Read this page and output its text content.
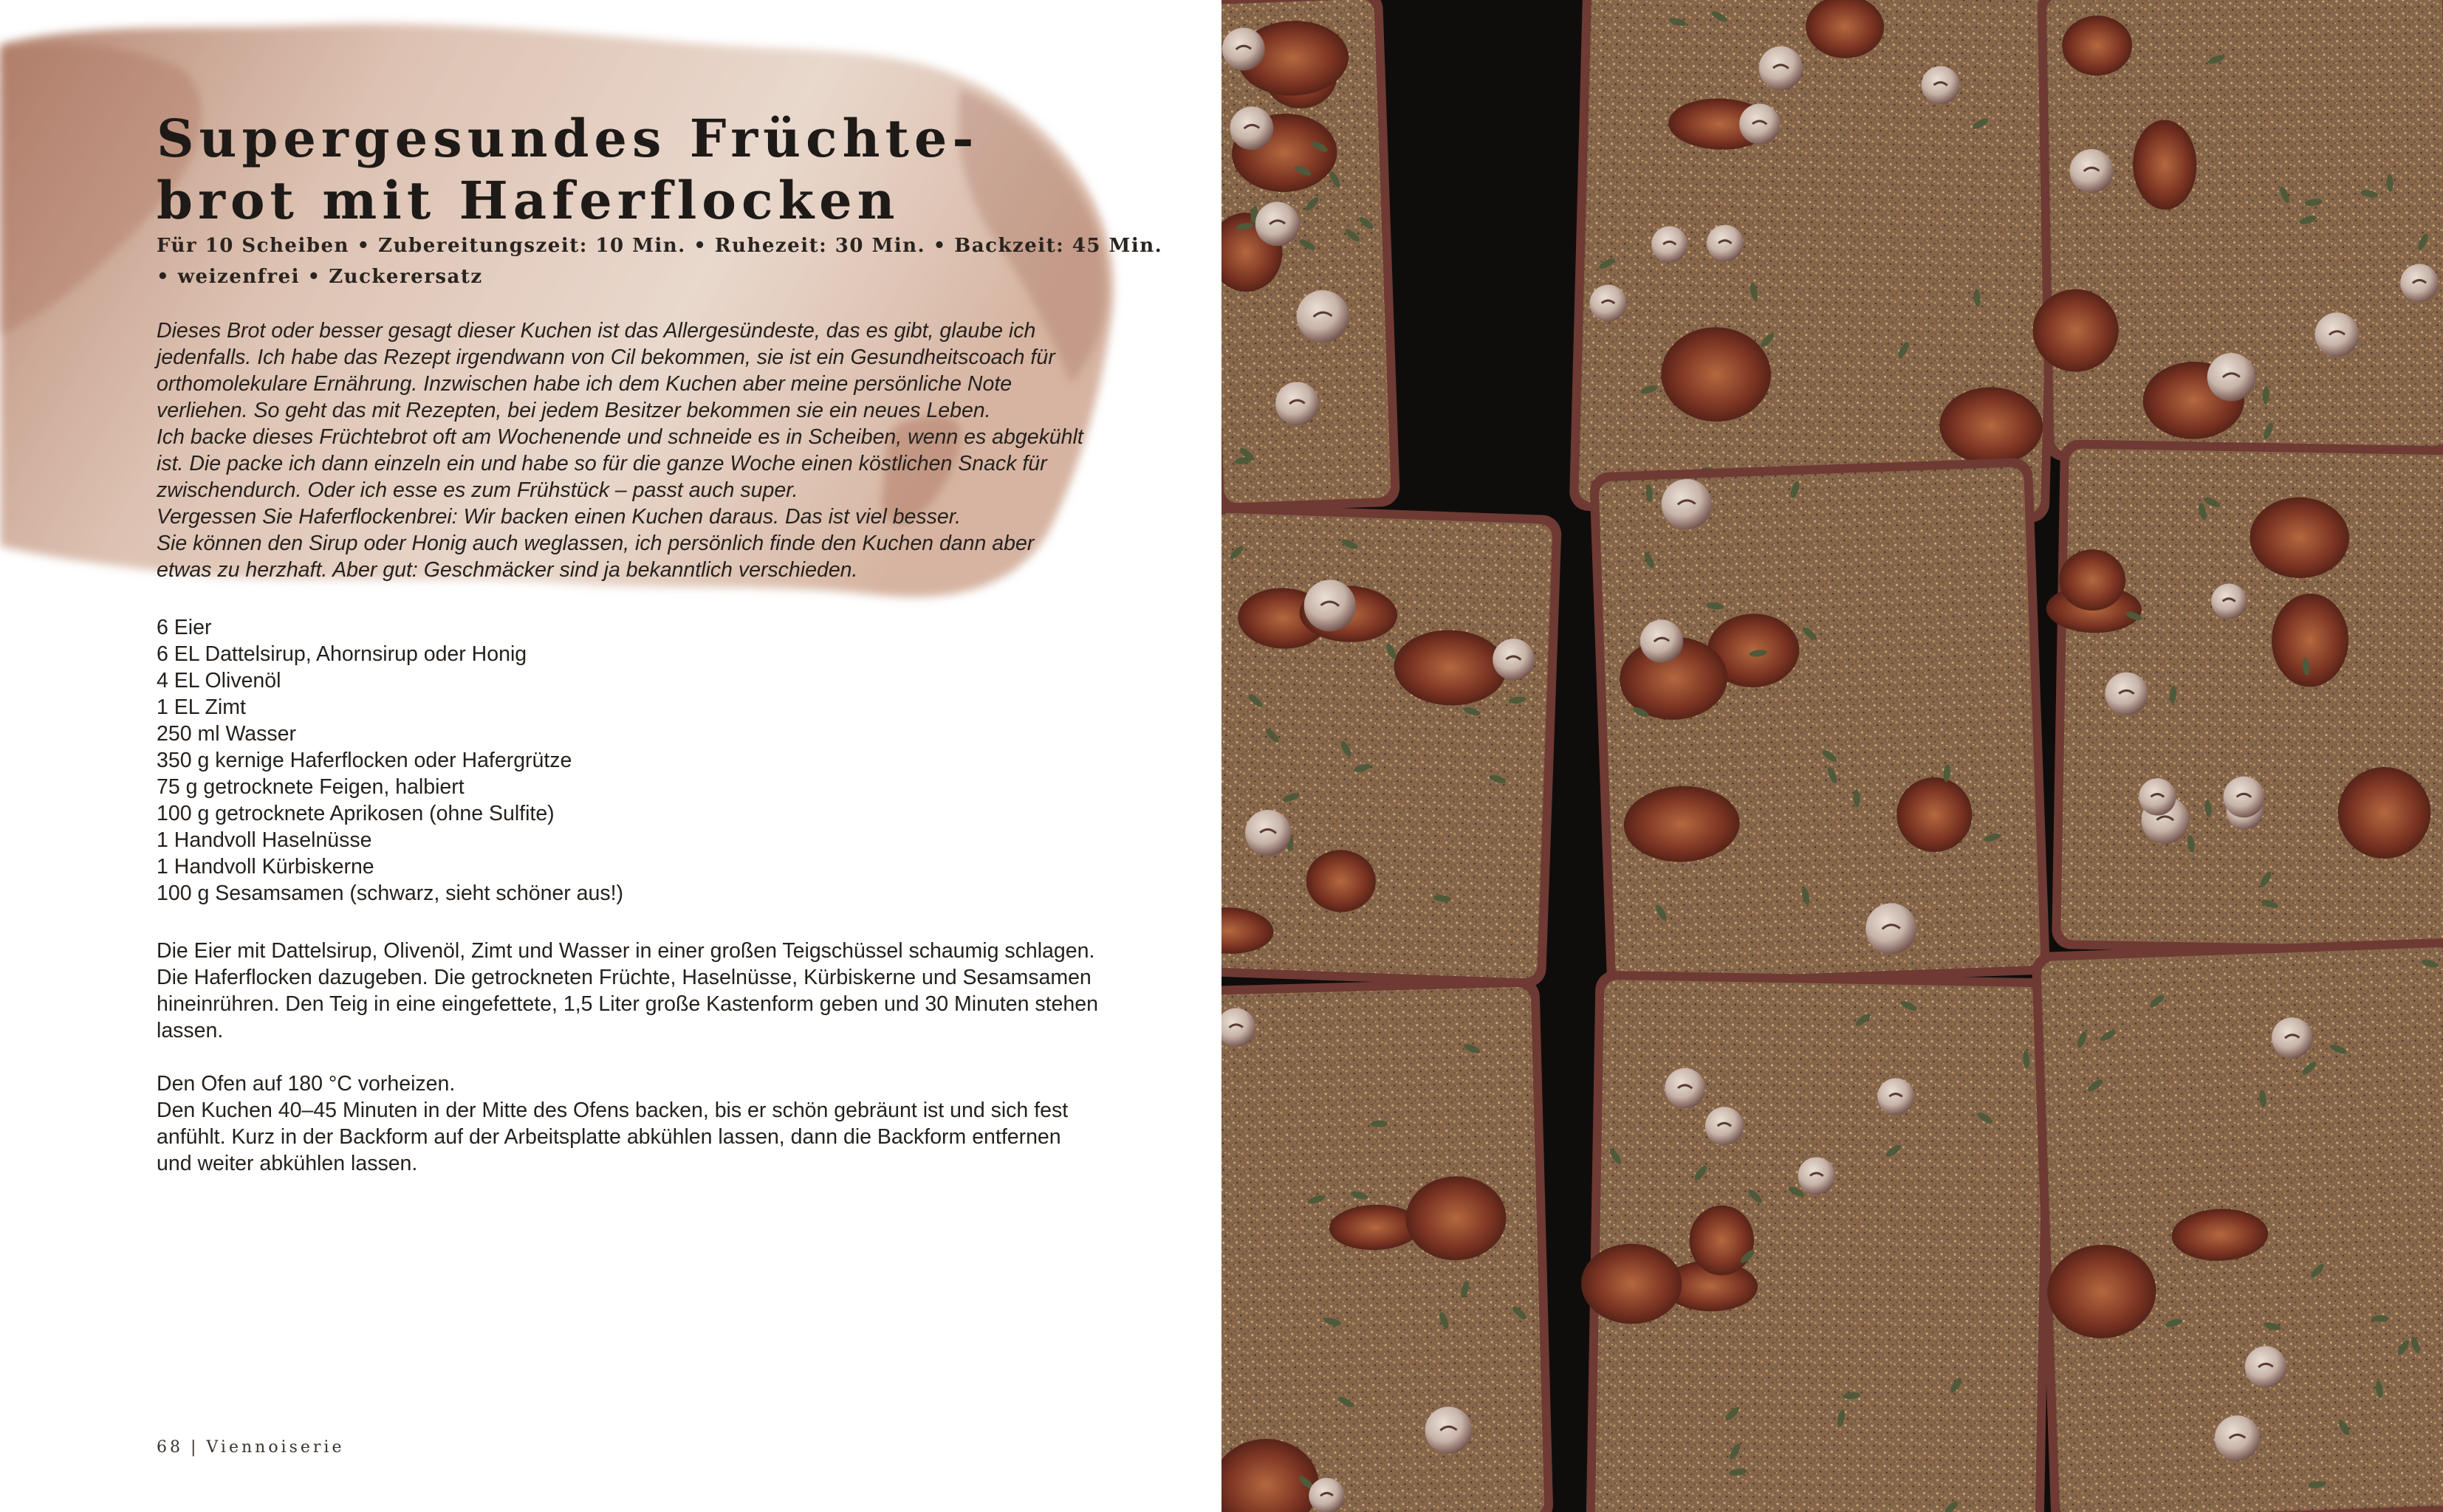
Supergesundes Früchte-
brot mit Haferflocken
Für 10 Scheiben • Zubereitungszeit: 10 Min. • Ruhezeit: 30 Min. • Backzeit: 45 Min.
• weizenfrei • Zuckerersatz
Dieses Brot oder besser gesagt dieser Kuchen ist das Allergesündeste, das es gibt, glaube ich
jedenfalls. Ich habe das Rezept irgendwann von Cil bekommen, sie ist ein Gesundheitscoach für
orthomolekulare Ernährung. Inzwischen habe ich dem Kuchen aber meine persönliche Note
verliehen. So geht das mit Rezepten, bei jedem Besitzer bekommen sie ein neues Leben.
Ich backe dieses Früchtebrot oft am Wochenende und schneide es in Scheiben, wenn es abgekühlt
ist. Die packe ich dann einzeln ein und habe so für die ganze Woche einen köstlichen Snack für
zwischendurch. Oder ich esse es zum Frühstück – passt auch super.
Vergessen Sie Haferflockenbrei: Wir backen einen Kuchen daraus. Das ist viel besser.
Sie können den Sirup oder Honig auch weglassen, ich persönlich finde den Kuchen dann aber
etwas zu herzhaft. Aber gut: Geschmäcker sind ja bekanntlich verschieden.
6 Eier
6 EL Dattelsirup, Ahornsirup oder Honig
4 EL Olivenöl
1 EL Zimt
250 ml Wasser
350 g kernige Haferflocken oder Hafergrütze
75 g getrocknete Feigen, halbiert
100 g getrocknete Aprikosen (ohne Sulfite)
1 Handvoll Haselnüsse
1 Handvoll Kürbiskerne
100 g Sesamsamen (schwarz, sieht schöner aus!)
Die Eier mit Dattelsirup, Olivenöl, Zimt und Wasser in einer großen Teigschüssel schaumig schlagen.
Die Haferflocken dazugeben. Die getrockneten Früchte, Haselnüsse, Kürbiskerne und Sesamsamen
hineinrühren. Den Teig in eine eingefettete, 1,5 Liter große Kastenform geben und 30 Minuten stehen
lassen.
Den Ofen auf 180 °C vorheizen.
Den Kuchen 40–45 Minuten in der Mitte des Ofens backen, bis er schön gebräunt ist und sich fest
anfühlt. Kurz in der Backform auf der Arbeitsplatte abkühlen lassen, dann die Backform entfernen
und weiter abkühlen lassen.
68 | Viennoiserie
